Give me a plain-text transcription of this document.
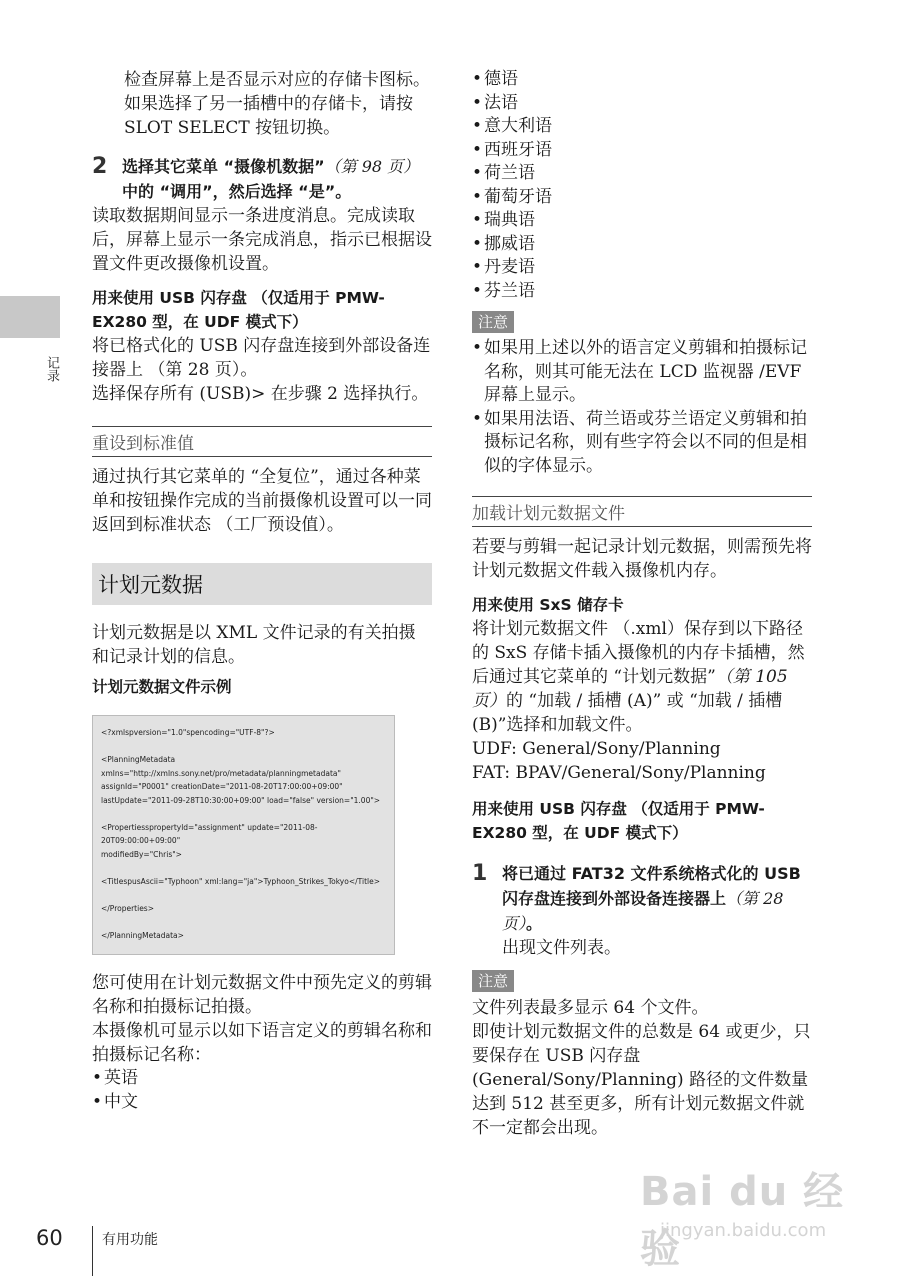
记录

检查屏幕上是否显示对应的存储卡图标。如果选择了另一插槽中的存储卡，请按 SLOT SELECT 按钮切换。

2 选择其它菜单 “摄像机数据”（第 98 页）中的 “调用”，然后选择 “是”。

读取数据期间显示一条进度消息。完成读取后，屏幕上显示一条完成消息，指示已根据设置文件更改摄像机设置。

用来使用 USB 闪存盘 （仅适用于 PMW-EX280 型，在 UDF 模式下）

将已格式化的 USB 闪存盘连接到外部设备连接器上 （第 28 页）。

选择保存所有 (USB)> 在步骤 2 选择执行。

重设到标准值

通过执行其它菜单的 “全复位”，通过各种菜单和按钮操作完成的当前摄像机设置可以一同返回到标准状态 （工厂预设值）。

计划元数据

计划元数据是以 XML 文件记录的有关拍摄和记录计划的信息。

计划元数据文件示例
<?xmlspversion="1.0"spencoding="UTF-8"?>
<PlanningMetadata
xmlns="http://xmlns.sony.net/pro/metadata/planningmetadata"
assignId="P0001" creationDate="2011-08-20T17:00:00+09:00"
lastUpdate="2011-09-28T10:30:00+09:00" load="false" version="1.00">
<Propertiesspropertyld="assignment" update="2011-08-20T09:00:00+09:00"
modifiedBy="Chris">
<TitlespusAscii="Typhoon" xml:lang="ja">Typhoon_Strikes_Tokyo</Title>
</Properties>
</PlanningMetadata>

您可使用在计划元数据文件中预先定义的剪辑名称和拍摄标记拍摄。

本摄像机可显示以如下语言定义的剪辑名称和拍摄标记名称：

• 英语
• 中文
• 德语
• 法语
• 意大利语
• 西班牙语
• 荷兰语
• 葡萄牙语
• 瑞典语
• 挪威语
• 丹麦语
• 芬兰语
注意
• 如果用上述以外的语言定义剪辑和拍摄标记名称，则其可能无法在 LCD 监视器 /EVF 屏幕上显示。
• 如果用法语、荷兰语或芬兰语定义剪辑和拍摄标记名称，则有些字符会以不同的但是相似的字体显示。
加载计划元数据文件

若要与剪辑一起记录计划元数据，则需预先将计划元数据文件载入摄像机内存。

用来使用 SxS 储存卡

将计划元数据文件 （.xml）保存到以下路径的 SxS 存储卡插入摄像机的内存卡插槽，然后通过其它菜单的 “计划元数据”（第 105 页）的 “加载 / 插槽 (A)” 或 “加载 / 插槽 (B)”选择和加载文件。

UDF: General/Sony/Planning

FAT: BPAV/General/Sony/Planning

用来使用 USB 闪存盘 （仅适用于 PMW-EX280 型，在 UDF 模式下）
1 将已通过 FAT32 文件系统格式化的 USB 闪存盘连接到外部设备连接器上（第 28 页）。

出现文件列表。

注意

文件列表最多显示 64 个文件。

即使计划元数据文件的总数是 64 或更少，只要保存在 USB 闪存盘 (General/Sony/Planning) 路径的文件数量达到 512 甚至更多，所有计划元数据文件就不一定都会出现。

Bai du 经验
jingyan.baidu.com
60	有用功能
